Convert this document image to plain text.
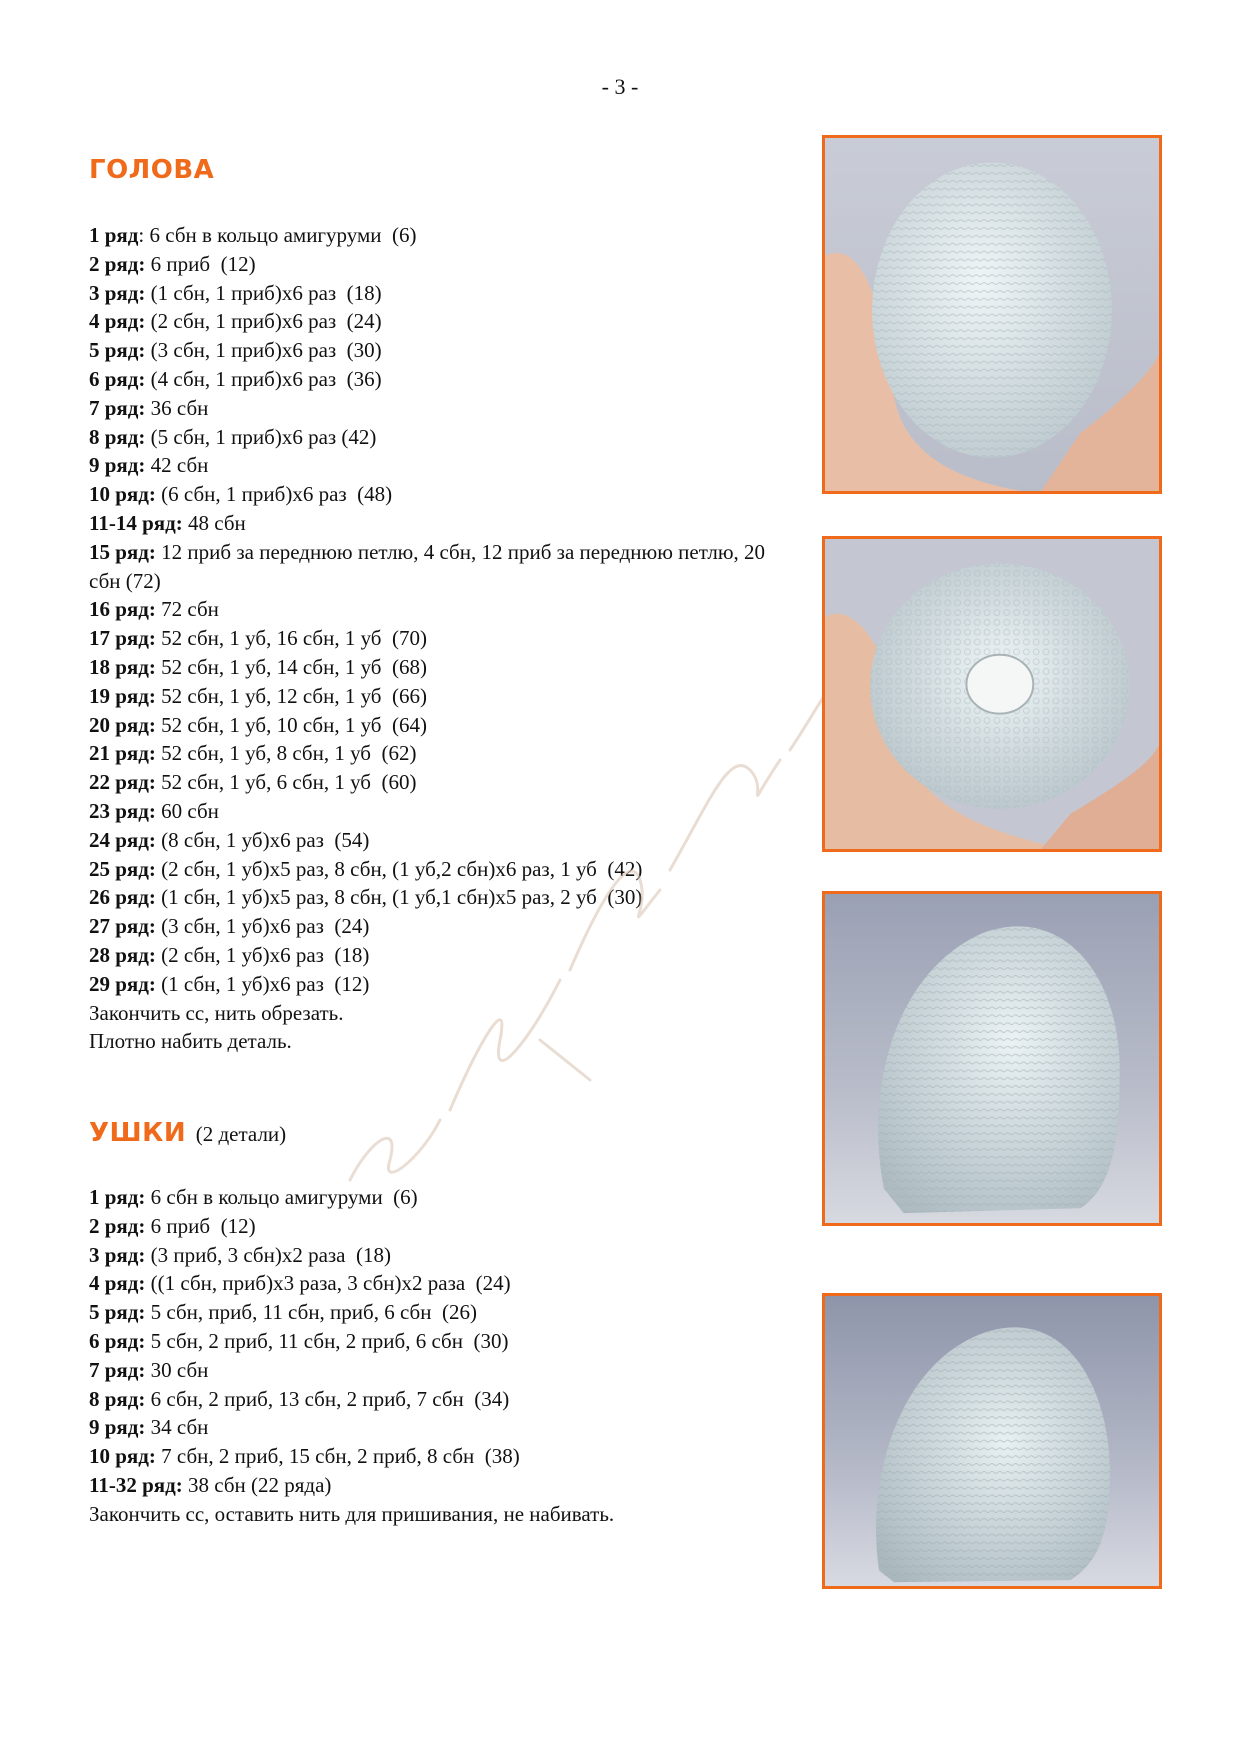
- 3 -
ГОЛОВА
1 ряд: 6 сбн в кольцо амигуруми  (6)
2 ряд: 6 приб  (12)
3 ряд: (1 сбн, 1 приб)х6 раз  (18)
4 ряд: (2 сбн, 1 приб)х6 раз  (24)
5 ряд: (3 сбн, 1 приб)х6 раз  (30)
6 ряд: (4 сбн, 1 приб)х6 раз  (36)
7 ряд: 36 сбн
8 ряд: (5 сбн, 1 приб)х6 раз (42)
9 ряд: 42 сбн
10 ряд: (6 сбн, 1 приб)х6 раз  (48)
11-14 ряд: 48 сбн
15 ряд: 12 приб за переднюю петлю, 4 сбн, 12 приб за переднюю петлю, 20 сбн (72)
16 ряд: 72 сбн
17 ряд: 52 сбн, 1 уб, 16 сбн, 1 уб  (70)
18 ряд: 52 сбн, 1 уб, 14 сбн, 1 уб  (68)
19 ряд: 52 сбн, 1 уб, 12 сбн, 1 уб  (66)
20 ряд: 52 сбн, 1 уб, 10 сбн, 1 уб  (64)
21 ряд: 52 сбн, 1 уб, 8 сбн, 1 уб  (62)
22 ряд: 52 сбн, 1 уб, 6 сбн, 1 уб  (60)
23 ряд: 60 сбн
24 ряд: (8 сбн, 1 уб)х6 раз  (54)
25 ряд: (2 сбн, 1 уб)х5 раз, 8 сбн, (1 уб,2 сбн)х6 раз, 1 уб  (42)
26 ряд: (1 сбн, 1 уб)х5 раз, 8 сбн, (1 уб,1 сбн)х5 раз, 2 уб  (30)
27 ряд: (3 сбн, 1 уб)х6 раз  (24)
28 ряд: (2 сбн, 1 уб)х6 раз  (18)
29 ряд: (1 сбн, 1 уб)х6 раз  (12)
Закончить сс, нить обрезать.
Плотно набить деталь.
УШКИ (2 детали)
1 ряд: 6 сбн в кольцо амигуруми  (6)
2 ряд: 6 приб  (12)
3 ряд: (3 приб, 3 сбн)х2 раза  (18)
4 ряд: ((1 сбн, приб)х3 раза, 3 сбн)х2 раза  (24)
5 ряд: 5 сбн, приб, 11 сбн, приб, 6 сбн  (26)
6 ряд: 5 сбн, 2 приб, 11 сбн, 2 приб, 6 сбн  (30)
7 ряд: 30 сбн
8 ряд: 6 сбн, 2 приб, 13 сбн, 2 приб, 7 сбн  (34)
9 ряд: 34 сбн
10 ряд: 7 сбн, 2 приб, 15 сбн, 2 приб, 8 сбн  (38)
11-32 ряд: 38 сбн (22 ряда)
Закончить сс, оставить нить для пришивания, не набивать.
